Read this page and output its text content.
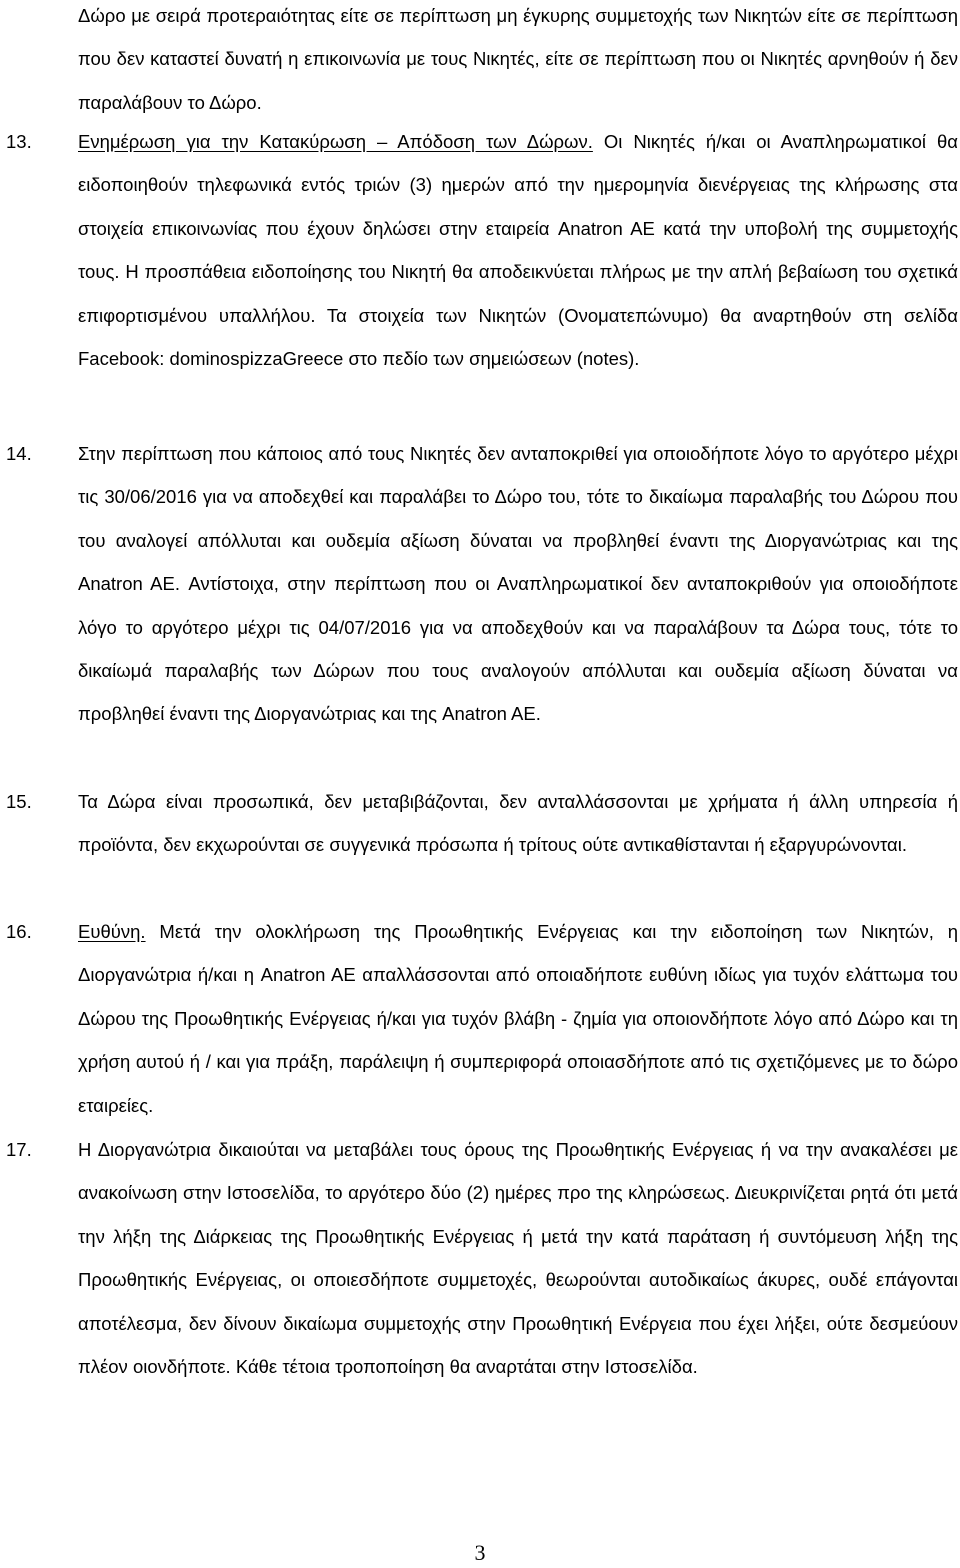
Δώρο με σειρά προτεραιότητας είτε σε περίπτωση μη έγκυρης συμμετοχής των Νικητών είτε σε περίπτωση που δεν καταστεί δυνατή η επικοινωνία με τους Νικητές, είτε σε περίπτωση που οι Νικητές αρνηθούν ή δεν παραλάβουν το Δώρο.

13.	Ενημέρωση για την Κατακύρωση – Απόδοση των Δώρων. Οι Νικητές ή/και οι Αναπληρωματικοί θα ειδοποιηθούν τηλεφωνικά εντός τριών (3) ημερών από την ημερομηνία διενέργειας της κλήρωσης στα στοιχεία επικοινωνίας που έχουν δηλώσει στην εταιρεία Anatron AE κατά την υποβολή της συμμετοχής τους. Η προσπάθεια ειδοποίησης του Νικητή θα αποδεικνύεται πλήρως με την απλή βεβαίωση του σχετικά επιφορτισμένου υπαλλήλου. Τα στοιχεία των Νικητών (Ονοματεπώνυμο) θα αναρτηθούν στη σελίδα Facebook: dominospizzaGreece στο πεδίο των σημειώσεων (notes).

14.	Στην περίπτωση που κάποιος από τους Νικητές δεν ανταποκριθεί για οποιοδήποτε λόγο το αργότερο μέχρι τις 30/06/2016 για να αποδεχθεί και παραλάβει το Δώρο του, τότε το δικαίωμα παραλαβής του Δώρου που του αναλογεί απόλλυται και ουδεμία αξίωση δύναται να προβληθεί έναντι της Διοργανώτριας και της Anatron AE. Αντίστοιχα, στην περίπτωση που οι Αναπληρωματικοί δεν ανταποκριθούν για οποιοδήποτε λόγο το αργότερο μέχρι τις 04/07/2016 για να αποδεχθούν και να παραλάβουν τα Δώρα τους, τότε το δικαίωμά παραλαβής των Δώρων που τους αναλογούν απόλλυται και ουδεμία αξίωση δύναται να προβληθεί έναντι της Διοργανώτριας και της Anatron AE.

15.	Τα Δώρα είναι προσωπικά, δεν μεταβιβάζονται, δεν ανταλλάσσονται με χρήματα ή άλλη υπηρεσία ή προϊόντα, δεν εκχωρούνται σε συγγενικά πρόσωπα ή τρίτους ούτε αντικαθίστανται ή εξαργυρώνονται.

16.	Ευθύνη. Μετά την ολοκλήρωση της Προωθητικής Ενέργειας και την ειδοποίηση των Νικητών, η Διοργανώτρια ή/και η Anatron AE απαλλάσσονται από οποιαδήποτε ευθύνη ιδίως για τυχόν ελάττωμα του Δώρου της Προωθητικής Ενέργειας ή/και για τυχόν βλάβη - ζημία για οποιονδήποτε λόγο από Δώρο και τη χρήση αυτού ή / και για πράξη, παράλειψη ή συμπεριφορά οποιασδήποτε από τις σχετιζόμενες με το δώρο εταιρείες.

17.	Η Διοργανώτρια δικαιούται να μεταβάλει τους όρους της Προωθητικής Ενέργειας ή να την ανακαλέσει με ανακοίνωση στην Ιστοσελίδα, το αργότερο δύο (2) ημέρες προ της κληρώσεως. Διευκρινίζεται ρητά ότι μετά την λήξη της Διάρκειας της Προωθητικής Ενέργειας ή μετά την κατά παράταση ή συντόμευση λήξη της Προωθητικής Ενέργειας, οι οποιεσδήποτε συμμετοχές, θεωρούνται αυτοδικαίως άκυρες, ουδέ επάγονται αποτέλεσμα, δεν δίνουν δικαίωμα συμμετοχής στην Προωθητική Ενέργεια που έχει λήξει, ούτε δεσμεύουν πλέον οιονδήποτε. Κάθε τέτοια τροποποίηση θα αναρτάται στην Ιστοσελίδα.

3
